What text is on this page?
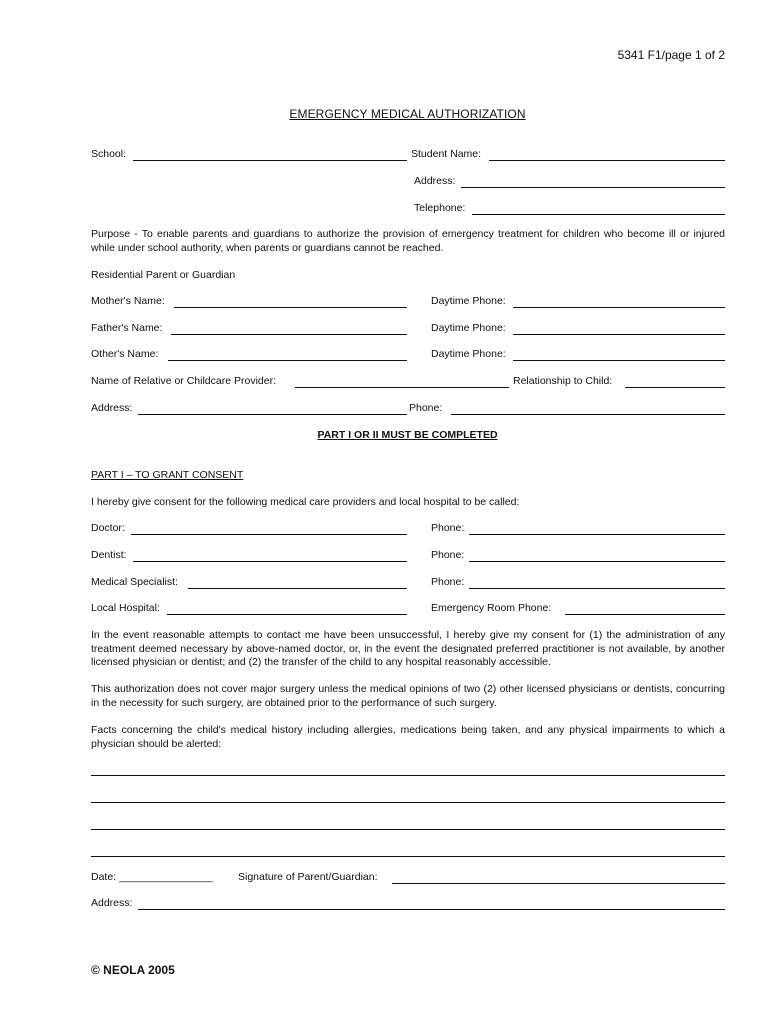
5341 F1/page 1 of 2
EMERGENCY MEDICAL AUTHORIZATION
School:	Student Name:
Address:
Telephone:
Purpose - To enable parents and guardians to authorize the provision of emergency treatment for children who become ill or injured while under school authority, when parents or guardians cannot be reached.
Residential Parent or Guardian
Mother's Name:	Daytime Phone:
Father's Name:	Daytime Phone:
Other's Name:	Daytime Phone:
Name of Relative or Childcare Provider:	Relationship to Child:
Address:	Phone:
PART I OR II MUST BE COMPLETED
PART I – TO GRANT CONSENT
I hereby give consent for the following medical care providers and local hospital to be called:
Doctor:	Phone:
Dentist:	Phone:
Medical Specialist:	Phone:
Local Hospital:	Emergency Room Phone:
In the event reasonable attempts to contact me have been unsuccessful, I hereby give my consent for (1) the administration of any treatment deemed necessary by above-named doctor, or, in the event the designated preferred practitioner is not available, by another licensed physician or dentist; and (2) the transfer of the child to any hospital reasonably accessible.
This authorization does not cover major surgery unless the medical opinions of two (2) other licensed physicians or dentists, concurring in the necessity for such surgery, are obtained prior to the performance of such surgery.
Facts concerning the child's medical history including allergies, medications being taken, and any physical impairments to which a physician should be alerted:
Date: ________________ Signature of Parent/Guardian:
Address:
© NEOLA 2005
